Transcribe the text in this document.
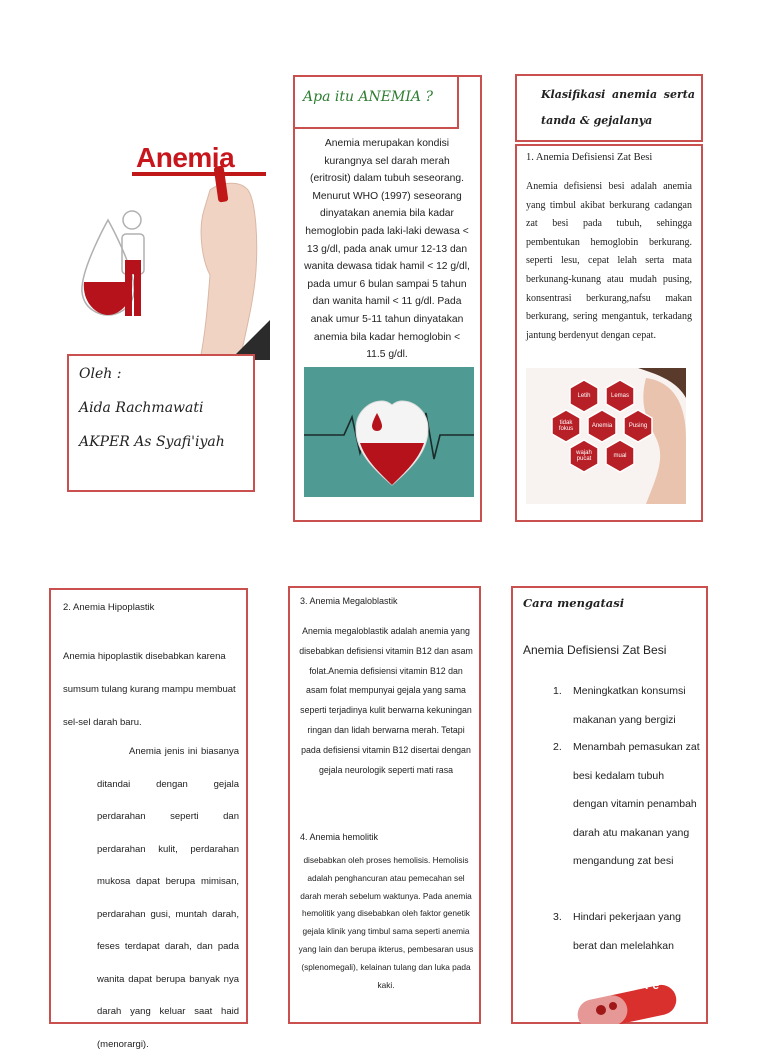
Anemia
Oleh :
Aida Rachmawati
AKPER As Syafi'iyah
Apa itu ANEMIA ?
Anemia merupakan kondisi kurangnya sel darah merah (eritrosit) dalam tubuh seseorang. Menurut WHO (1997) seseorang dinyatakan anemia bila kadar hemoglobin pada laki-laki dewasa < 13 g/dl, pada anak umur 12-13 dan wanita dewasa tidak hamil < 12 g/dl, pada umur 6 bulan sampai 5 tahun dan wanita hamil < 11 g/dl. Pada anak umur 5-11 tahun dinyatakan anemia bila kadar hemoglobin < 11.5 g/dl.
Klasifikasi anemia serta tanda & gejalanya
1. Anemia Defisiensi Zat Besi
Anemia defisiensi besi adalah anemia yang timbul akibat berkurang cadangan zat besi pada tubuh, sehingga pembentukan hemoglobin berkurang. seperti lesu, cepat lelah serta mata berkunang-kunang atau mudah pusing, konsentrasi berkurang,nafsu makan berkurang, sering mengantuk, terkadang jantung berdenyut dengan cepat.
Anemia
Letih	Lemas
Pusing
mual
wajah pucat
tidak fokus
2. Anemia Hipoplastik
Anemia hipoplastik disebabkan karena sumsum tulang kurang mampu membuat sel-sel darah baru.
Anemia jenis ini biasanya ditandai dengan gejala perdarahan seperti dan perdarahan kulit, perdarahan mukosa dapat berupa mimisan, perdarahan gusi, muntah darah, feses terdapat darah, dan pada wanita dapat berupa banyak nya darah yang keluar saat haid (menorargi).
3. Anemia Megaloblastik
Anemia megaloblastik adalah anemia yang disebabkan defisiensi vitamin B12 dan asam folat.Anemia defisiensi vitamin B12 dan asam folat mempunyai gejala yang sama seperti terjadinya kulit berwarna kekuningan ringan dan lidah berwarna merah. Tetapi pada defisiensi vitamin B12 disertai dengan gejala neurologik seperti mati rasa
4. Anemia hemolitik
disebabkan oleh proses hemolisis. Hemolisis adalah penghancuran atau pemecahan sel darah merah sebelum waktunya. Pada anemia hemolitik yang disebabkan oleh faktor genetik gejala klinik yang timbul sama seperti anemia yang lain dan berupa ikterus, pembesaran usus (splenomegali), kelainan tulang dan luka pada kaki.
Cara mengatasi
Anemia Defisiensi Zat Besi
1. Meningkatkan konsumsi makanan yang bergizi
2. Menambah pemasukan zat besi kedalam tubuh dengan vitamin penambah darah atu makanan yang mengandung zat besi
3. Hindari pekerjaan yang berat dan melelahkan
Fe
